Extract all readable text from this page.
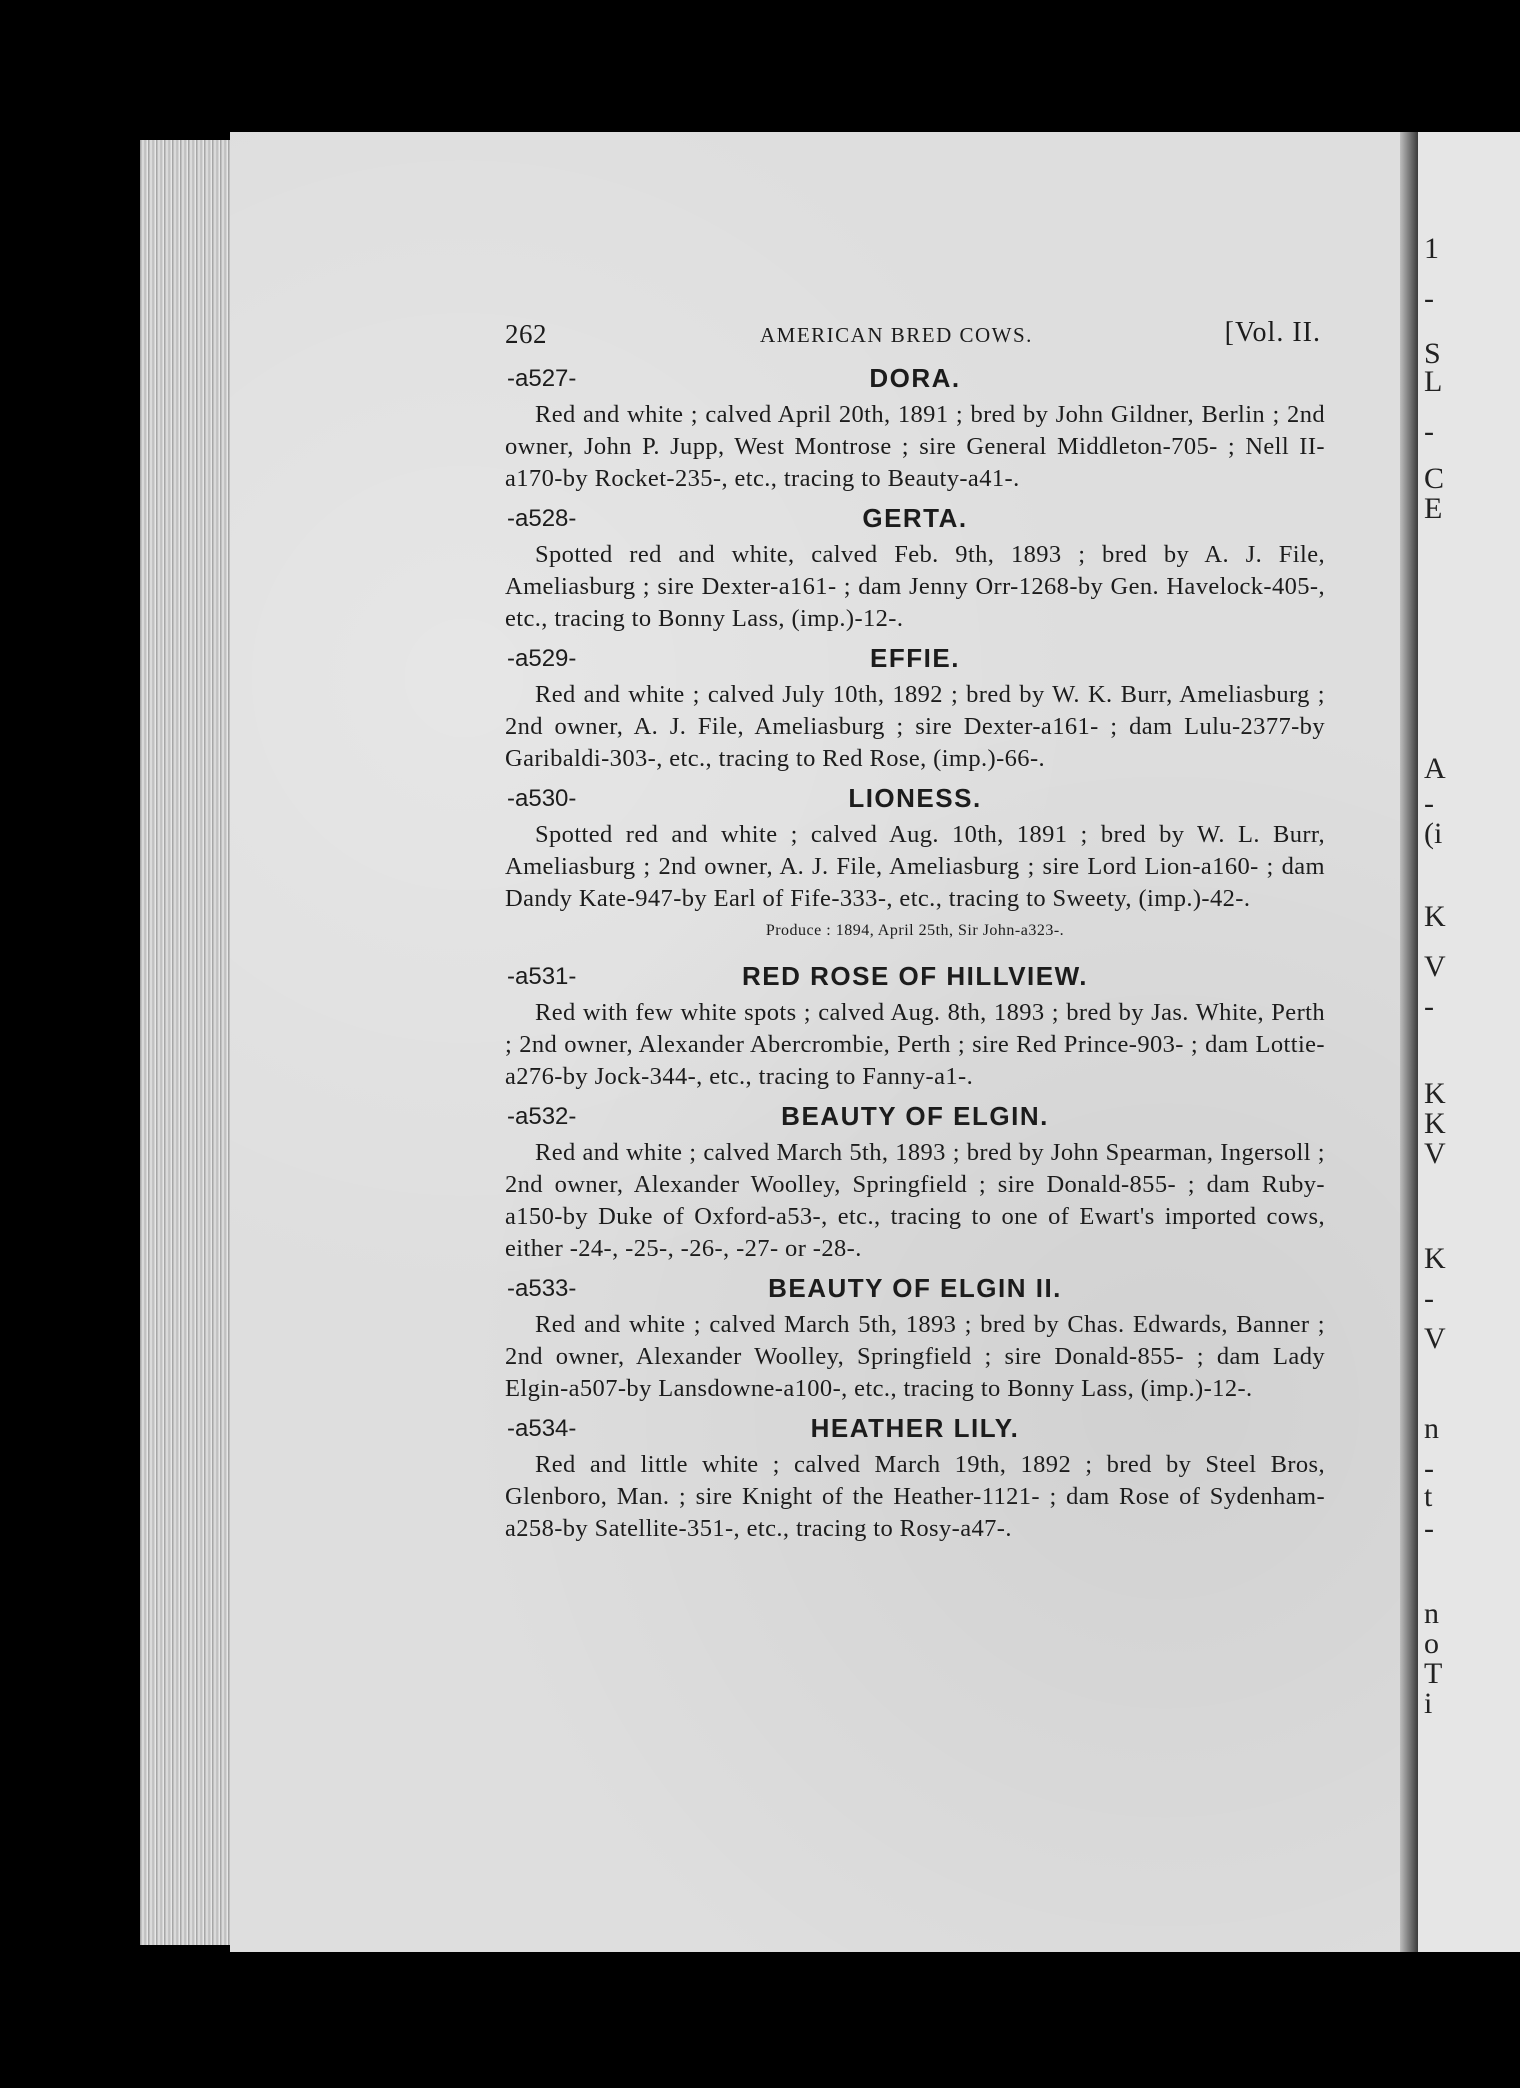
1
-
S
L
-
C
E
A
-
(i
K
V
-
K
K
V
K
-
V
n
-
t
-
n
o
T
i
262	AMERICAN BRED COWS.	[Vol. II.
-a527-	DORA.

Red and white ; calved April 20th, 1891 ; bred by John Gildner, Berlin ; 2nd owner, John P. Jupp, West Montrose ; sire General Middleton-705- ; Nell II-a170-by Rocket-235-, etc., tracing to Beauty-a41-.

-a528-	GERTA.

Spotted red and white, calved Feb. 9th, 1893 ; bred by A. J. File, Ameliasburg ; sire Dexter-a161- ; dam Jenny Orr-1268-by Gen. Havelock-405-, etc., tracing to Bonny Lass, (imp.)-12-.

-a529-	EFFIE.

Red and white ; calved July 10th, 1892 ; bred by W. K. Burr, Ameliasburg ; 2nd owner, A. J. File, Ameliasburg ; sire Dexter-a161- ; dam Lulu-2377-by Garibaldi-303-, etc., tracing to Red Rose, (imp.)-66-.

-a530-	LIONESS.

Spotted red and white ; calved Aug. 10th, 1891 ; bred by W. L. Burr, Ameliasburg ; 2nd owner, A. J. File, Ameliasburg ; sire Lord Lion-a160- ; dam Dandy Kate-947-by Earl of Fife-333-, etc., tracing to Sweety, (imp.)-42-.

Produce : 1894, April 25th, Sir John-a323-.

-a531-	RED ROSE OF HILLVIEW.

Red with few white spots ; calved Aug. 8th, 1893 ; bred by Jas. White, Perth ; 2nd owner, Alexander Abercrombie, Perth ; sire Red Prince-903- ; dam Lottie-a276-by Jock-344-, etc., tracing to Fanny-a1-.

-a532-	BEAUTY OF ELGIN.

Red and white ; calved March 5th, 1893 ; bred by John Spearman, Ingersoll ; 2nd owner, Alexander Woolley, Springfield ; sire Donald-855- ; dam Ruby-a150-by Duke of Oxford-a53-, etc., tracing to one of Ewart's imported cows, either -24-, -25-, -26-, -27- or -28-.

-a533-	BEAUTY OF ELGIN II.

Red and white ; calved March 5th, 1893 ; bred by Chas. Edwards, Banner ; 2nd owner, Alexander Woolley, Springfield ; sire Donald-855- ; dam Lady Elgin-a507-by Lansdowne-a100-, etc., tracing to Bonny Lass, (imp.)-12-.

-a534-	HEATHER LILY.

Red and little white ; calved March 19th, 1892 ; bred by Steel Bros, Glenboro, Man. ; sire Knight of the Heather-1121- ; dam Rose of Sydenham-a258-by Satellite-351-, etc., tracing to Rosy-a47-.
